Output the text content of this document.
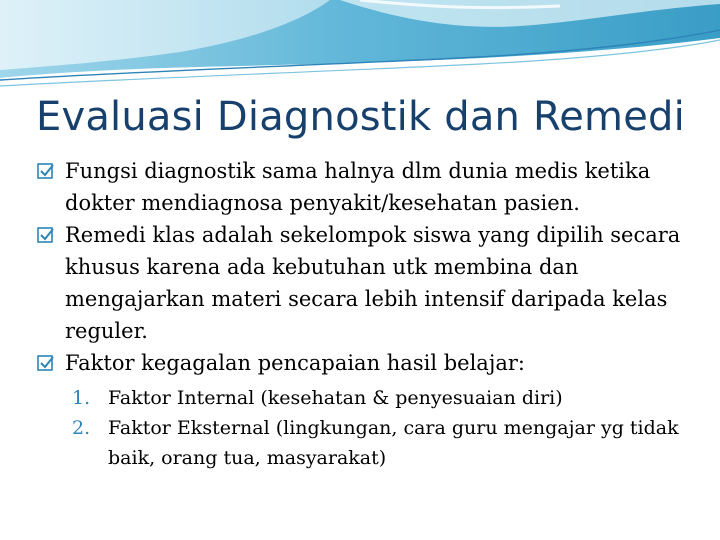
Evaluasi Diagnostik dan Remedi

Fungsi diagnostik sama halnya dlm dunia medis ketika dokter mendiagnosa penyakit/kesehatan pasien.

Remedi klas adalah sekelompok siswa yang dipilih secara khusus karena ada kebutuhan utk membina dan mengajarkan materi secara lebih intensif daripada kelas reguler.

Faktor kegagalan pencapaian hasil belajar:

1. Faktor Internal (kesehatan & penyesuaian diri)
2. Faktor Eksternal (lingkungan, cara guru mengajar yg tidak baik, orang tua, masyarakat)
